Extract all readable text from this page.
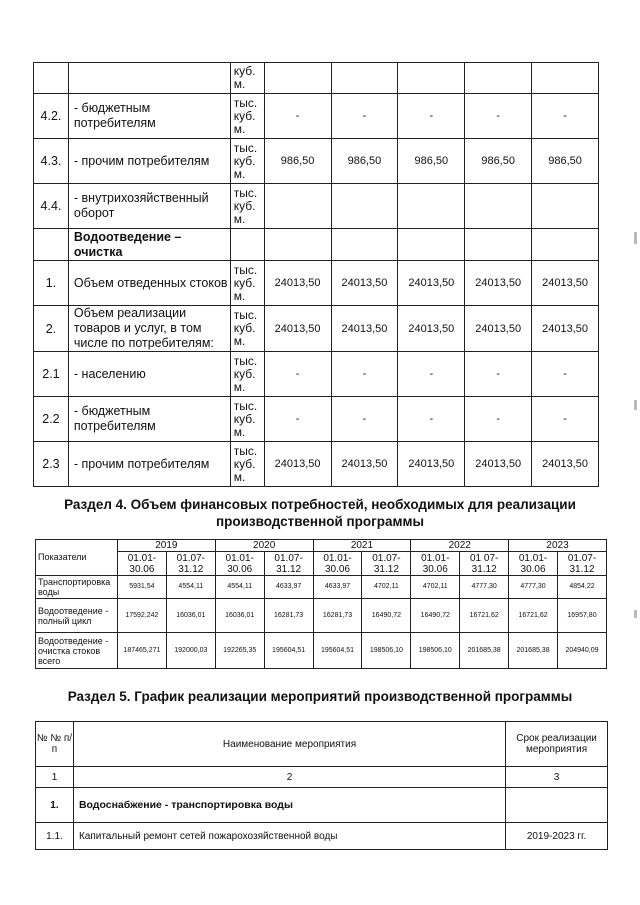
		куб. м.					
4.2.	- бюджетным потребителям	тыс. куб. м.	-	-	-	-	-
4.3.	- прочим потребителям	тыс. куб. м.	986,50	986,50	986,50	986,50	986,50
4.4.	- внутрихозяйственный оборот	тыс. куб. м.					
	Водоотведение – очистка						
1.	Объем отведенных стоков	тыс. куб. м.	24013,50	24013,50	24013,50	24013,50	24013,50
2.	Объем реализации товаров и услуг, в том числе по потребителям:	тыс. куб. м.	24013,50	24013,50	24013,50	24013,50	24013,50
2.1	- населению	тыс. куб. м.	-	-	-	-	-
2.2	- бюджетным потребителям	тыс. куб. м.	-	-	-	-	-
2.3	- прочим потребителям	тыс. куб. м.	24013,50	24013,50	24013,50	24013,50	24013,50
Раздел 4. Объем финансовых потребностей, необходимых для реализации
производственной программы
Показатели	2019		2020		2021		2022		2023	
	01.01-30.06	01.07-31.12	01.01-30.06	01.07-31.12	01.01-30.06	01.07-31.12	01.01-30.06	01 07-31.12	01.01-30.06	01.07-31.12
Транспортировка воды	5931,54	4554,11	4554,11	4633,97	4633,97	4702,11	4702,11	4777,30	4777,30	4854,22
Водоотведение - полный цикл	17592,242	16036,01	16036,01	16281,73	16281,73	16490,72	16490,72	16721,62	16721,62	16957,80
Водоотведение - очистка стоков всего	187465,271	192000,03	192265,35	195604,51	195604,51	198506,10	198506,10	201685,38	201685,38	204940,09
Раздел 5. График реализации мероприятий производственной программы
№ № п/п	Наименование мероприятия	Срок реализации мероприятия
1	2	3
1.	Водоснабжение - транспортировка воды	
1.1.	Капитальный ремонт сетей пожарохозяйственной воды	2019-2023 гг.
